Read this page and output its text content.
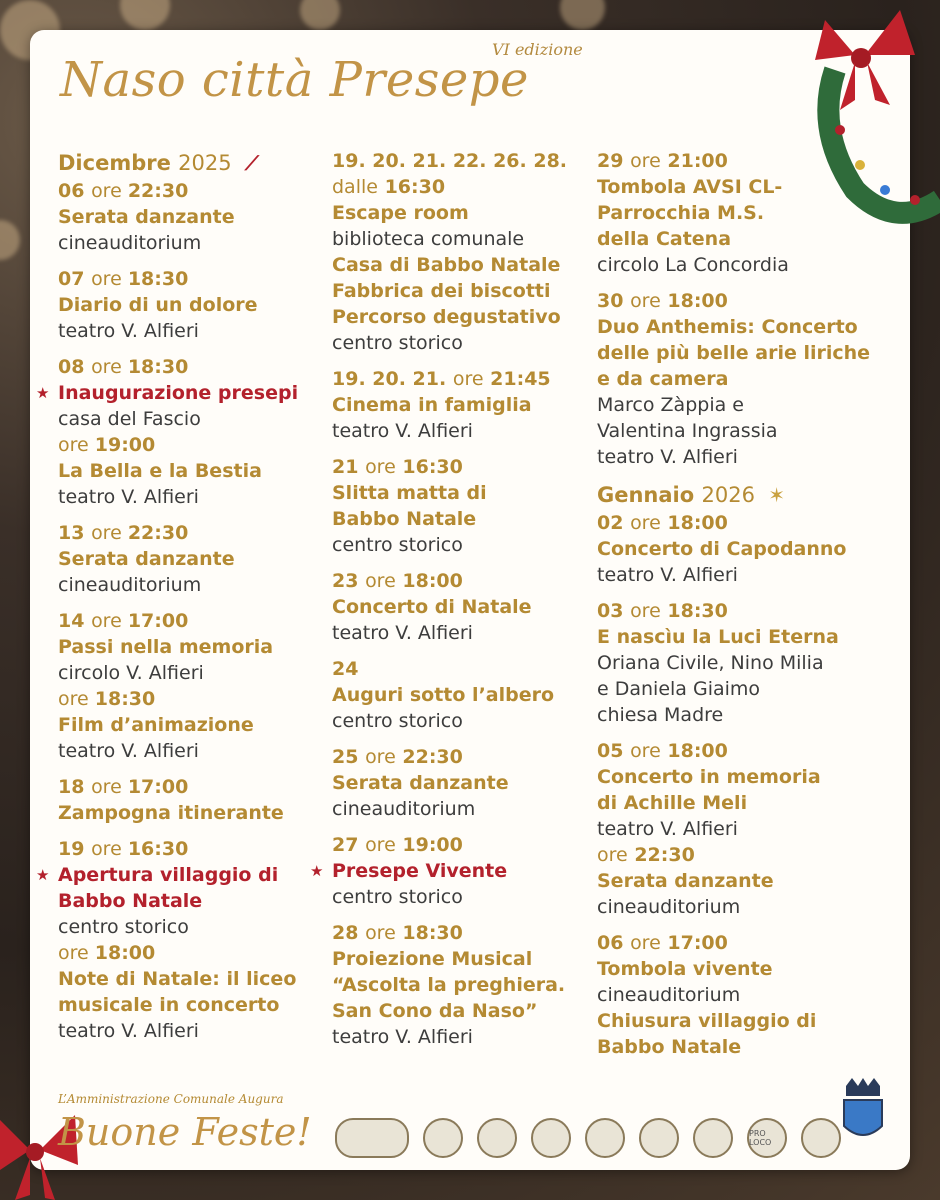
VI edizione
Naso città Presepe
Dicembre 2025 ⟋
06 ore 22:30
Serata danzante
cineauditorium
07 ore 18:30
Diario di un dolore
teatro V. Alfieri
08 ore 18:30
★ Inaugurazione presepi
casa del Fascio
ore 19:00
La Bella e la Bestia
teatro V. Alfieri
13 ore 22:30
Serata danzante
cineauditorium
14 ore 17:00
Passi nella memoria
circolo V. Alfieri
ore 18:30
Film d’animazione
teatro V. Alfieri
18 ore 17:00
Zampogna itinerante
19 ore 16:30
★ Apertura villaggio di
Babbo Natale
centro storico
ore 18:00
Note di Natale: il liceo
musicale in concerto
teatro V. Alfieri
19. 20. 21. 22. 26. 28.
dalle 16:30
Escape room
biblioteca comunale
Casa di Babbo Natale
Fabbrica dei biscotti
Percorso degustativo
centro storico
19. 20. 21. ore 21:45
Cinema in famiglia
teatro V. Alfieri
21 ore 16:30
Slitta matta di
Babbo Natale
centro storico
23 ore 18:00
Concerto di Natale
teatro V. Alfieri
24
Auguri sotto l’albero
centro storico
25 ore 22:30
Serata danzante
cineauditorium
27 ore 19:00
★ Presepe Vivente
centro storico
28 ore 18:30
Proiezione Musical
“Ascolta la preghiera.
San Cono da Naso”
teatro V. Alfieri
29 ore 21:00
Tombola AVSI CL-
Parrocchia M.S.
della Catena
circolo La Concordia
30 ore 18:00
Duo Anthemis: Concerto
delle più belle arie liriche
e da camera
Marco Zàppia e
Valentina Ingrassia
teatro V. Alfieri
Gennaio 2026 ✶
02 ore 18:00
Concerto di Capodanno
teatro V. Alfieri
03 ore 18:30
E nascìu la Luci Eterna
Oriana Civile, Nino Milia
e Daniela Giaimo
chiesa Madre
05 ore 18:00
Concerto in memoria
di Achille Meli
teatro V. Alfieri
ore 22:30
Serata danzante
cineauditorium
06 ore 17:00
Tombola vivente
cineauditorium
Chiusura villaggio di
Babbo Natale
L’Amministrazione Comunale Augura
Buone Feste!	PRO LOCO
